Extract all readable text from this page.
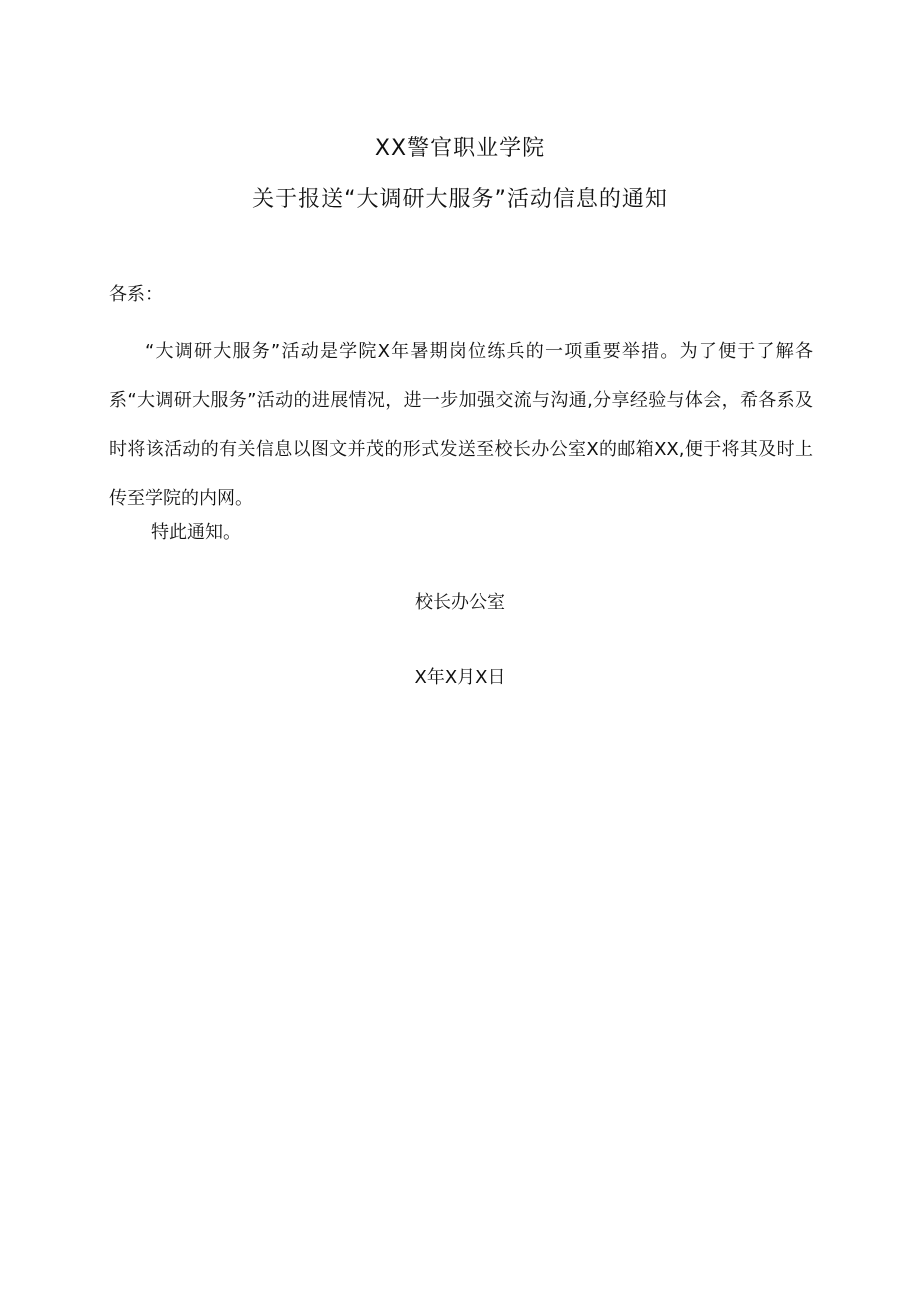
XX警官职业学院
关于报送“大调研大服务”活动信息的通知
各系：

“大调研大服务”活动是学院X年暑期岗位练兵的一项重要举措。为了便于了解各系“大调研大服务”活动的进展情况，进一步加强交流与沟通,分享经验与体会，希各系及时将该活动的有关信息以图文并茂的形式发送至校长办公室X的邮箱XX,便于将其及时上传至学院的内网。

特此通知。
校长办公室
X年X月X日
